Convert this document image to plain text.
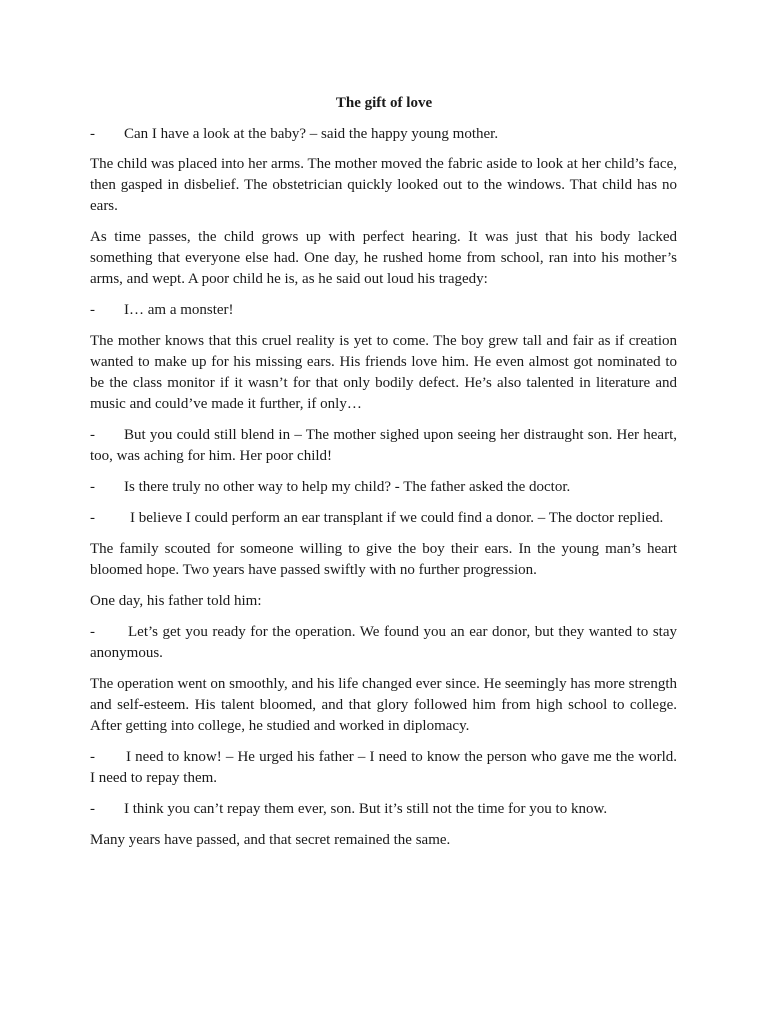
The gift of love
- Can I have a look at the baby? – said the happy young mother.
The child was placed into her arms. The mother moved the fabric aside to look at her child’s face, then gasped in disbelief. The obstetrician quickly looked out to the windows. That child has no ears.
As time passes, the child grows up with perfect hearing. It was just that his body lacked something that everyone else had. One day, he rushed home from school, ran into his mother’s arms, and wept. A poor child he is, as he said out loud his tragedy:
- I… am a monster!
The mother knows that this cruel reality is yet to come. The boy grew tall and fair as if creation wanted to make up for his missing ears. His friends love him. He even almost got nominated to be the class monitor if it wasn’t for that only bodily defect. He’s also talented in literature and music and could’ve made it further, if only…
- But you could still blend in – The mother sighed upon seeing her distraught son. Her heart, too, was aching for him. Her poor child!
- Is there truly no other way to help my child? - The father asked the doctor.
- I believe I could perform an ear transplant if we could find a donor. – The doctor replied.
The family scouted for someone willing to give the boy their ears. In the young man’s heart bloomed hope. Two years have passed swiftly with no further progression.
One day, his father told him:
- Let’s get you ready for the operation. We found you an ear donor, but they wanted to stay anonymous.
The operation went on smoothly, and his life changed ever since. He seemingly has more strength and self-esteem. His talent bloomed, and that glory followed him from high school to college. After getting into college, he studied and worked in diplomacy.
- I need to know! – He urged his father – I need to know the person who gave me the world. I need to repay them.
- I think you can’t repay them ever, son. But it’s still not the time for you to know.
Many years have passed, and that secret remained the same.
